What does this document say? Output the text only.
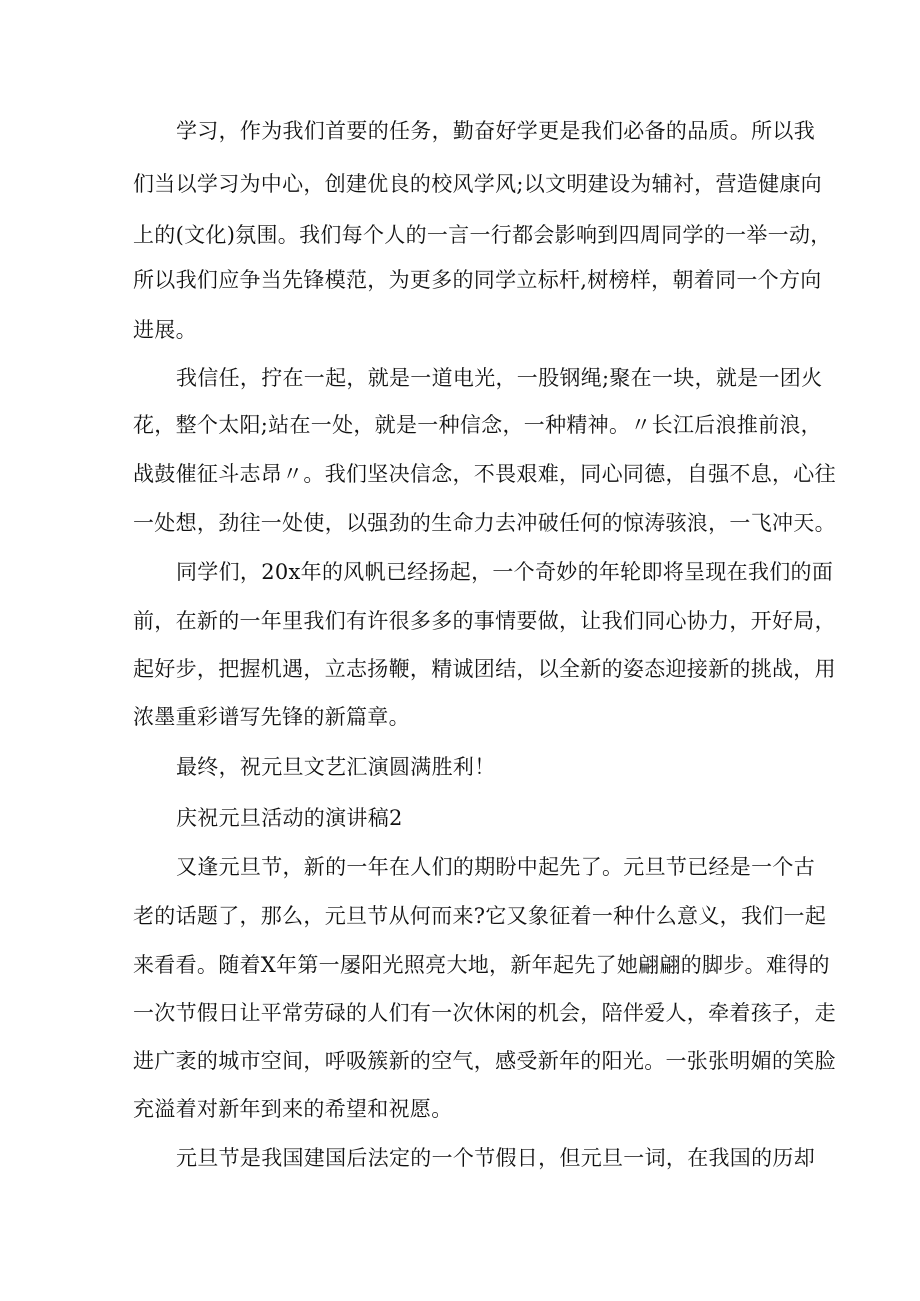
学习，作为我们首要的任务，勤奋好学更是我们必备的品质。所以我
们当以学习为中心，创建优良的校风学风;以文明建设为辅衬，营造健康向
上的(文化)氛围。我们每个人的一言一行都会影响到四周同学的一举一动，
所以我们应争当先锋模范，为更多的同学立标杆,树榜样，朝着同一个方向
进展。
我信任，拧在一起，就是一道电光，一股钢绳;聚在一块，就是一团火
花，整个太阳;站在一处，就是一种信念，一种精神。〃长江后浪推前浪，
战鼓催征斗志昂〃。我们坚决信念，不畏艰难，同心同德，自强不息，心往
一处想，劲往一处使，以强劲的生命力去冲破任何的惊涛骇浪，一飞冲天。
同学们，20x年的风帆已经扬起，一个奇妙的年轮即将呈现在我们的面
前，在新的一年里我们有许很多多的事情要做，让我们同心协力，开好局，
起好步，把握机遇，立志扬鞭，精诚团结，以全新的姿态迎接新的挑战，用
浓墨重彩谱写先锋的新篇章。
最终，祝元旦文艺汇演圆满胜利！
庆祝元旦活动的演讲稿2
又逢元旦节，新的一年在人们的期盼中起先了。元旦节已经是一个古
老的话题了，那么，元旦节从何而来?它又象征着一种什么意义，我们一起
来看看。随着X年第一屡阳光照亮大地，新年起先了她翩翩的脚步。难得的
一次节假日让平常劳碌的人们有一次休闲的机会，陪伴爱人，牵着孩子，走
进广袤的城市空间，呼吸簇新的空气，感受新年的阳光。一张张明媚的笑脸
充溢着对新年到来的希望和祝愿。
元旦节是我国建国后法定的一个节假日，但元旦一词，在我国的历却
